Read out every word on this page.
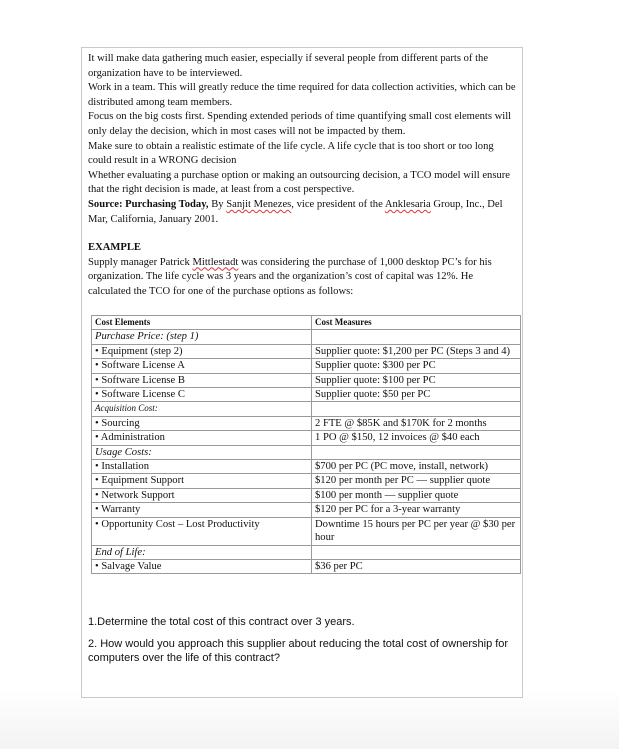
It will make data gathering much easier, especially if several people from different parts of the organization have to be interviewed.

Work in a team. This will greatly reduce the time required for data collection activities, which can be distributed among team members.

Focus on the big costs first. Spending extended periods of time quantifying small cost elements will only delay the decision, which in most cases will not be impacted by them.

Make sure to obtain a realistic estimate of the life cycle. A life cycle that is too short or too long could result in a WRONG decision

Whether evaluating a purchase option or making an outsourcing decision, a TCO model will ensure that the right decision is made, at least from a cost perspective.

Source: Purchasing Today, By Sanjit Menezes, vice president of the Anklesaria Group, Inc., Del Mar, California, January 2001.

EXAMPLE

Supply manager Patrick Mittlestadt was considering the purchase of 1,000 desktop PC’s for his organization. The life cycle was 3 years and the organization’s cost of capital was 12%. He calculated the TCO for one of the purchase options as follows:

Cost Elements	Cost Measures
Purchase Price: (step 1)	
• Equipment (step 2)	Supplier quote: $1,200 per PC (Steps 3 and 4)
• Software License A	Supplier quote: $300 per PC
• Software License B	Supplier quote: $100 per PC
• Software License C	Supplier quote: $50 per PC
Acquisition Cost:	
• Sourcing	2 FTE @ $85K and $170K for 2 months
• Administration	1 PO @ $150, 12 invoices @ $40 each
Usage Costs:	
• Installation	$700 per PC (PC move, install, network)
• Equipment Support	$120 per month per PC — supplier quote
• Network Support	$100 per month — supplier quote
• Warranty	$120 per PC for a 3-year warranty
• Opportunity Cost – Lost Productivity	Downtime 15 hours per PC per year @ $30 per hour
End of Life:	
• Salvage Value	$36 per PC

1.Determine the total cost of this contract over 3 years.

2. How would you approach this supplier about reducing the total cost of ownership for computers over the life of this contract?
